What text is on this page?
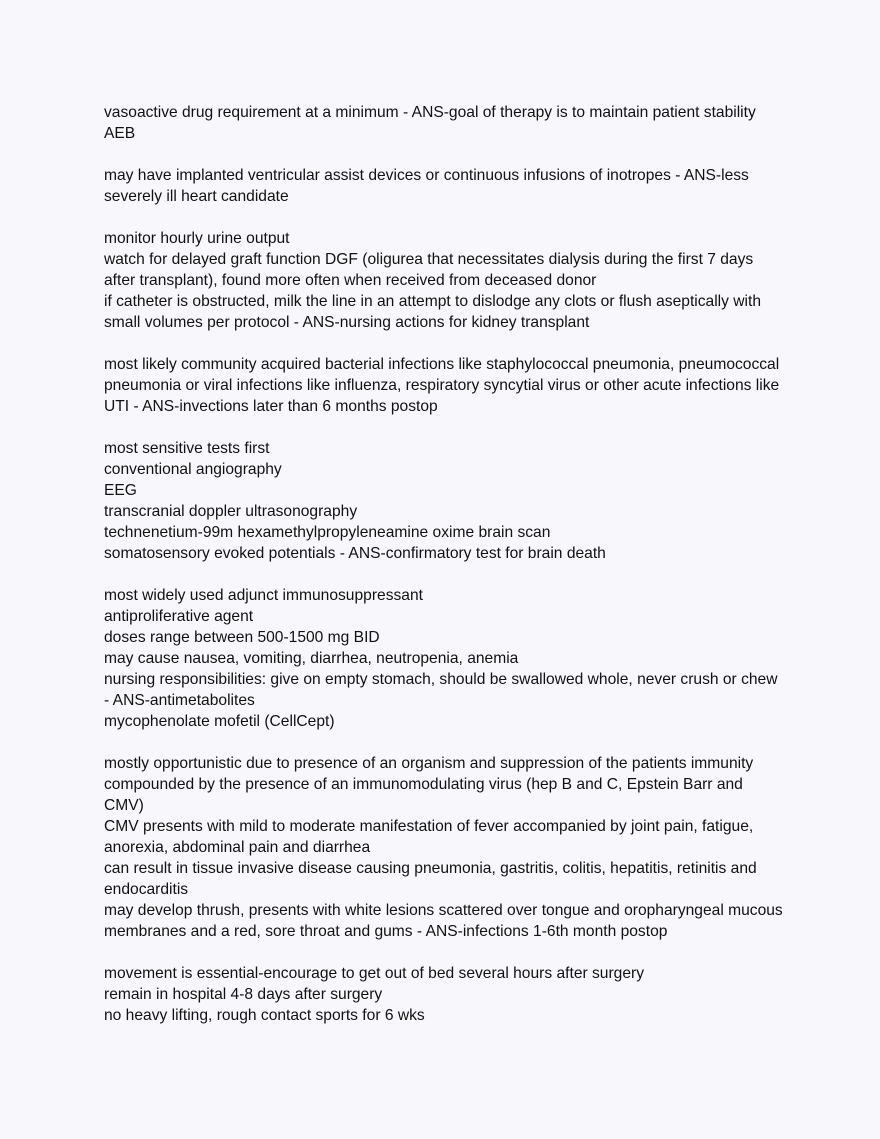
vasoactive drug requirement at a minimum - ANS-goal of therapy is to maintain patient stability AEB
may have implanted ventricular assist devices or continuous infusions of inotropes - ANS-less severely ill heart candidate
monitor hourly urine output
watch for delayed graft function DGF (oligurea that necessitates dialysis during the first 7 days after transplant), found more often when received from deceased donor
if catheter is obstructed, milk the line in an attempt to dislodge any clots or flush aseptically with small volumes per protocol - ANS-nursing actions for kidney transplant
most likely community acquired bacterial infections like staphylococcal pneumonia, pneumococcal pneumonia or viral infections like influenza, respiratory syncytial virus or other acute infections like UTI - ANS-invections later than 6 months postop
most sensitive tests first
conventional angiography
EEG
transcranial doppler ultrasonography
technenetium-99m hexamethylpropyleneamine oxime brain scan
somatosensory evoked potentials - ANS-confirmatory test for brain death
most widely used adjunct immunosuppressant
antiproliferative agent
doses range between 500-1500 mg BID
may cause nausea, vomiting, diarrhea, neutropenia, anemia
nursing responsibilities: give on empty stomach, should be swallowed whole, never crush or chew - ANS-antimetabolites
mycophenolate mofetil (CellCept)
mostly opportunistic due to presence of an organism and suppression of the patients immunity compounded by the presence of an immunomodulating virus (hep B and C, Epstein Barr and CMV)
CMV presents with mild to moderate manifestation of fever accompanied by joint pain, fatigue, anorexia, abdominal pain and diarrhea
can result in tissue invasive disease causing pneumonia, gastritis, colitis, hepatitis, retinitis and endocarditis
may develop thrush, presents with white lesions scattered over tongue and oropharyngeal mucous membranes and a red, sore throat and gums - ANS-infections 1-6th month postop
movement is essential-encourage to get out of bed several hours after surgery
remain in hospital 4-8 days after surgery
no heavy lifting, rough contact sports for 6 wks
